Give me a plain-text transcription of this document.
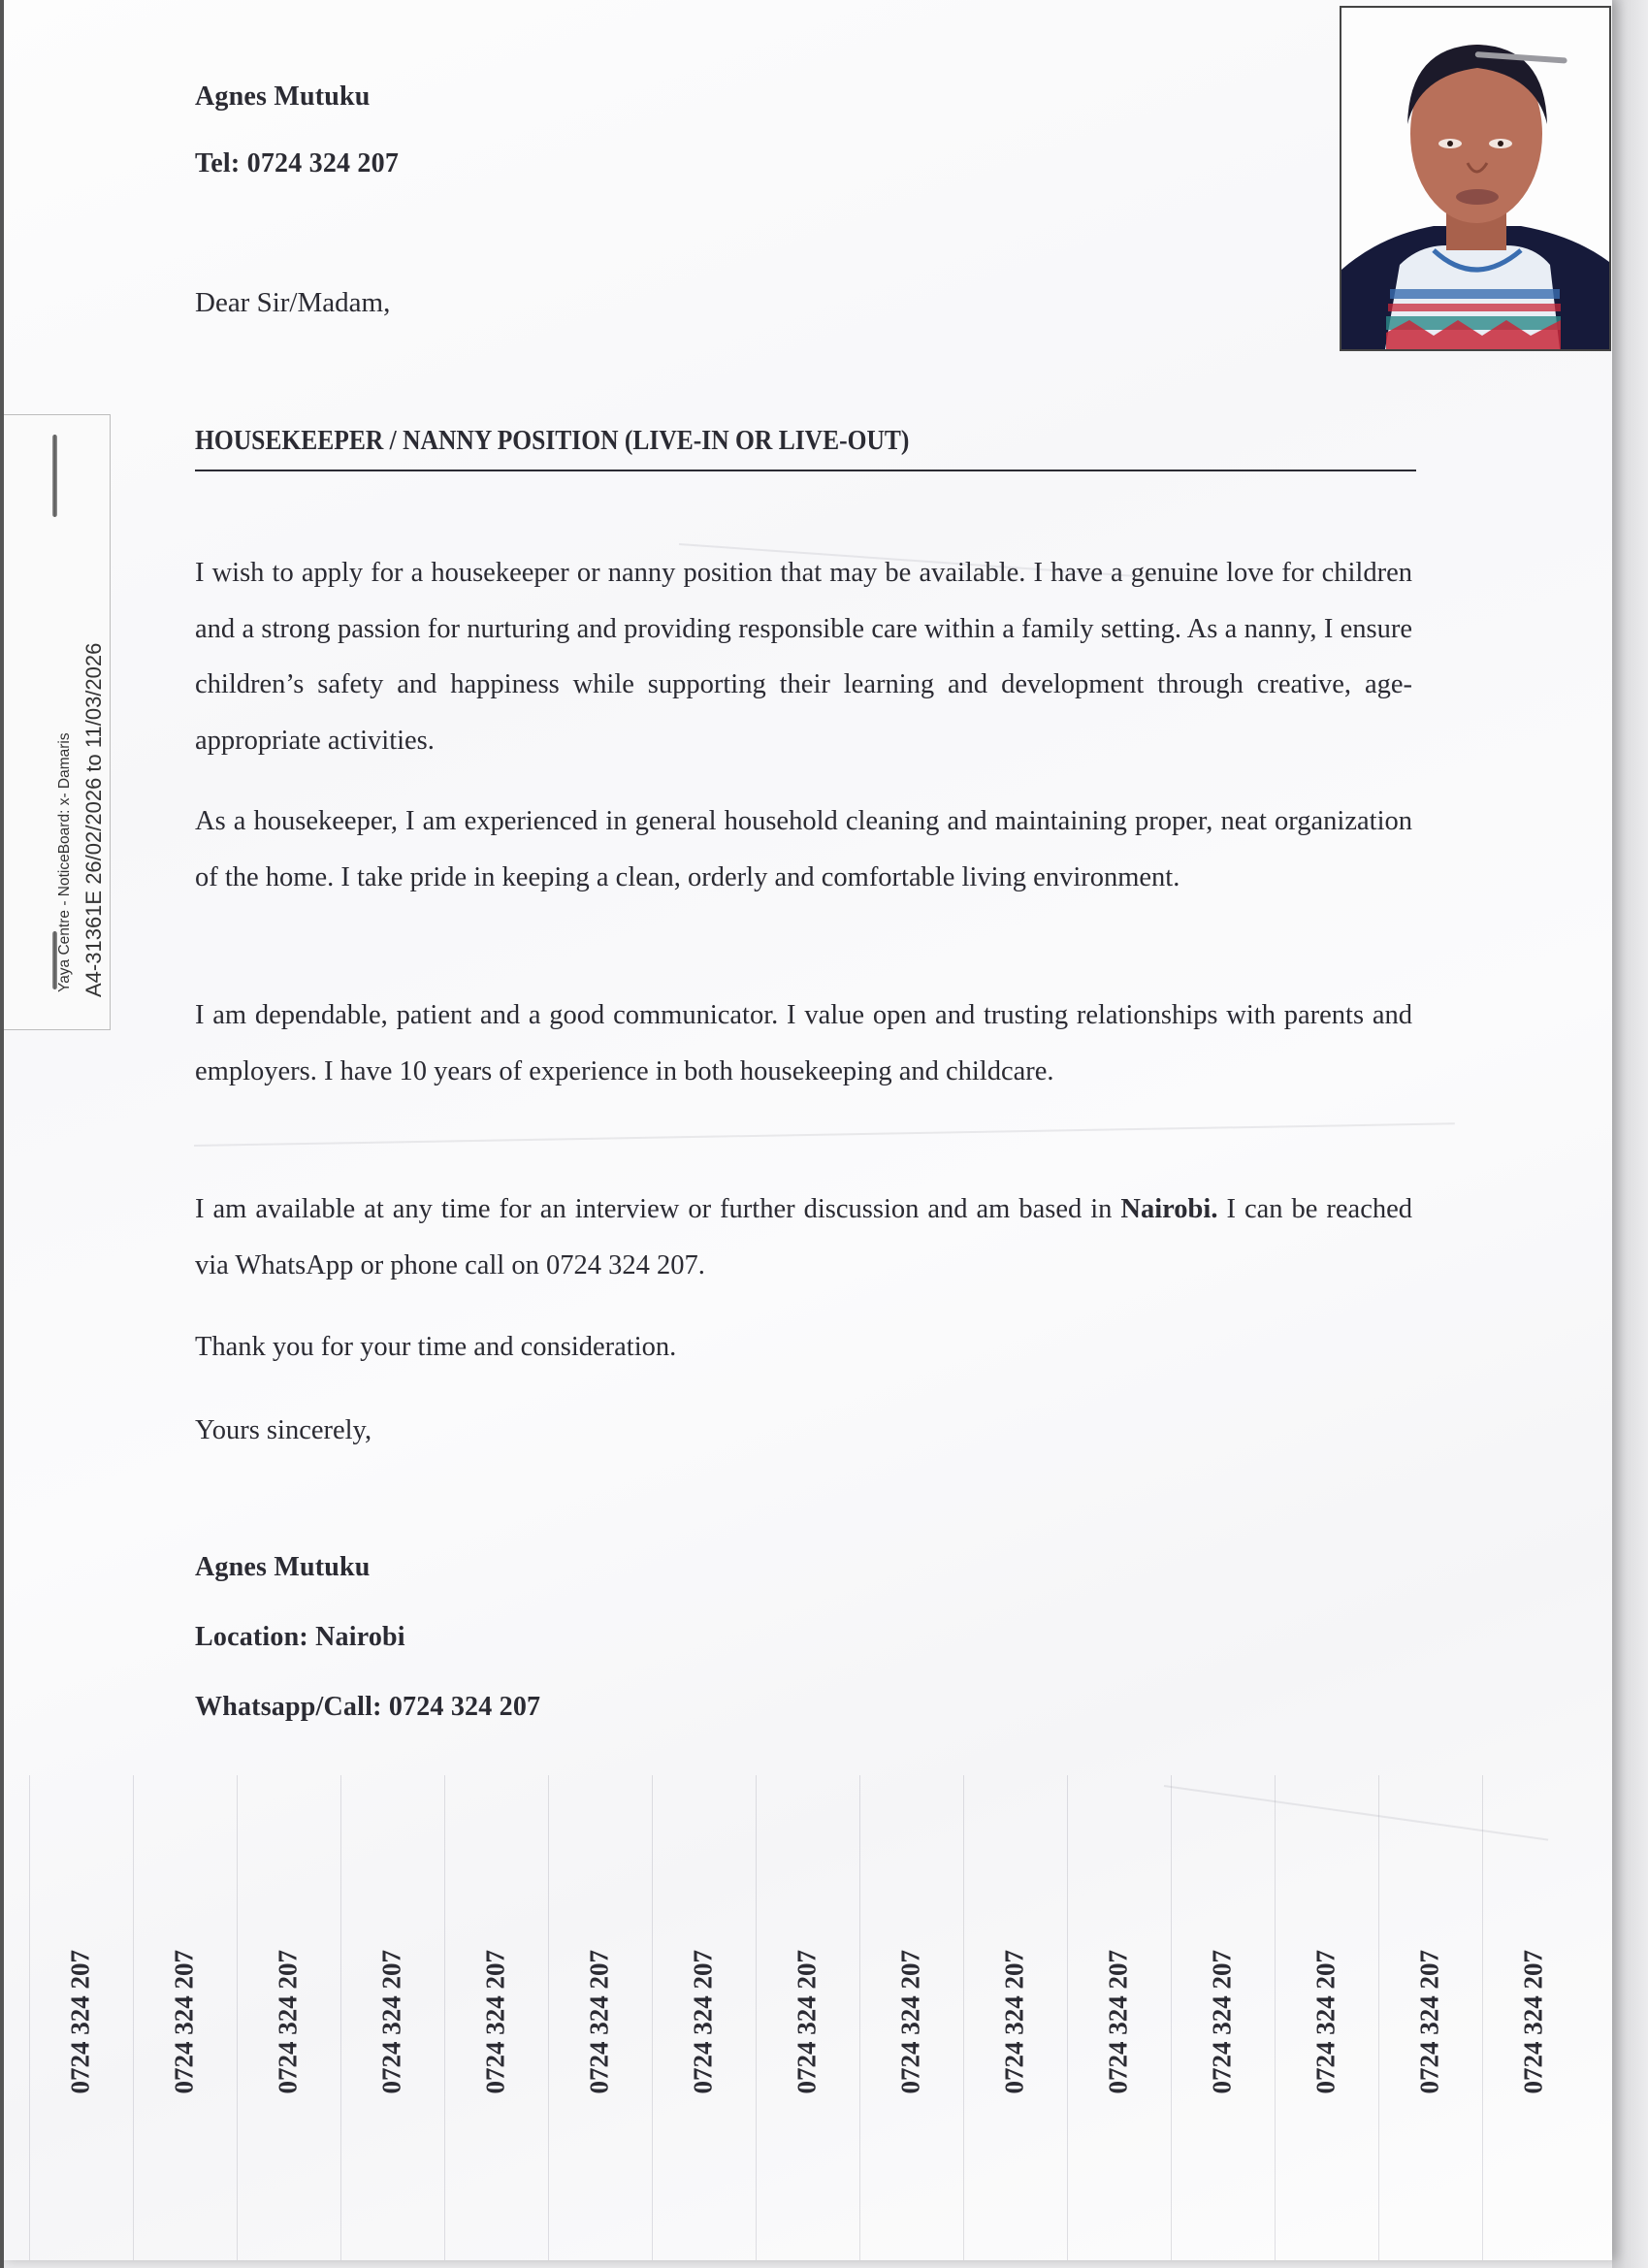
Agnes Mutuku
Tel: 0724 324 207
Dear Sir/Madam,
HOUSEKEEPER / NANNY POSITION (LIVE-IN OR LIVE-OUT)

I wish to apply for a housekeeper or nanny position that may be available. I have a genuine love for children and a strong passion for nurturing and providing responsible care within a family setting. As a nanny, I ensure children’s safety and happiness while supporting their learning and development through creative, age-appropriate activities.

As a housekeeper, I am experienced in general household cleaning and maintaining proper, neat organization of the home. I take pride in keeping a clean, orderly and comfortable living environment.

I am dependable, patient and a good communicator. I value open and trusting relationships with parents and employers. I have 10 years of experience in both housekeeping and childcare.

I am available at any time for an interview or further discussion and am based in Nairobi. I can be reached via WhatsApp or phone call on 0724 324 207.

Thank you for your time and consideration.

Yours sincerely,

Agnes Mutuku
Location: Nairobi
Whatsapp/Call: 0724 324 207
Yaya Centre - NoticeBoard: x- Damaris A4-31361E 26/02/2026 to 11/03/2026
0724 324 207	0724 324 207	0724 324 207	0724 324 207	0724 324 207	0724 324 207	0724 324 207	0724 324 207	0724 324 207	0724 324 207	0724 324 207	0724 324 207	0724 324 207	0724 324 207	0724 324 207
